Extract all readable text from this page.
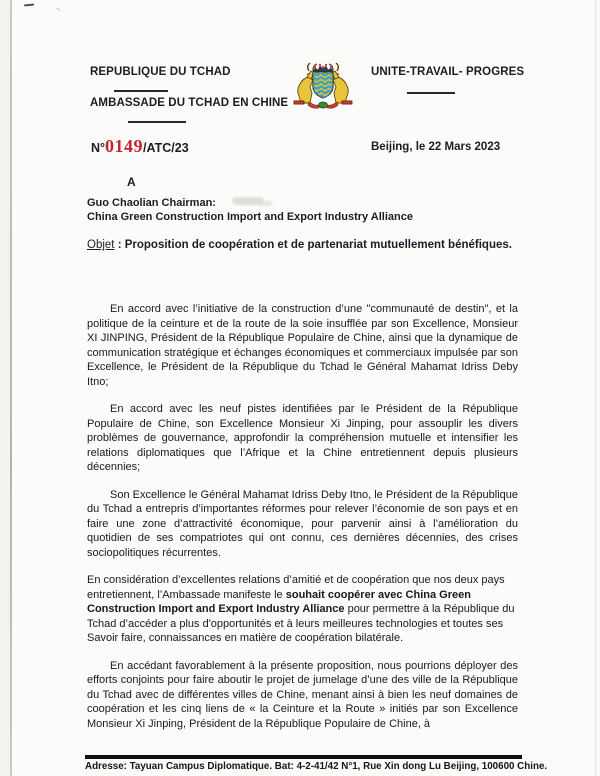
REPUBLIQUE DU TCHAD
AMBASSADE DU TCHAD EN CHINE
UNITE-TRAVAIL- PROGRES
N°0149/ATC/23	Beijing, le 22 Mars 2023
A
Guo Chaolian Chairman:
China Green Construction Import and Export Industry Alliance
Objet : Proposition de coopération et de partenariat mutuellement bénéfiques.

En accord avec l’initiative de la construction d’une "communauté de destin", et la politique de la ceinture et de la route de la soie insufflée par son Excellence, Monsieur XI JINPING, Président de la République Populaire de Chine, ainsi que la dynamique de communication stratégique et échanges économiques et commerciaux impulsée par son Excellence, le Président de la République du Tchad le Général Mahamat Idriss Deby Itno;

En accord avec les neuf pistes identifiées par le Président de la République Populaire de Chine, son Excellence Monsieur Xi Jinping, pour assouplir les divers problèmes de gouvernance, approfondir la compréhension mutuelle et intensifier les relations diplomatiques que l’Afrique et la Chine entretiennent depuis plusieurs décennies;

Son Excellence le Général Mahamat Idriss Deby Itno, le Président de la République du Tchad a entrepris d’importantes réformes pour relever l’économie de son pays et en faire une zone d’attractivité économique, pour parvenir ainsi à l’amélioration du quotidien de ses compatriotes qui ont connu, ces dernières décennies, des crises sociopolitiques récurrentes.

En considération d’excellentes relations d’amitié et de coopération que nos deux pays entretiennent, l’Ambassade manifeste le souhait coopérer avec China Green Construction Import and Export Industry Alliance pour permettre à la République du Tchad d’accéder a plus d'opportunités et à leurs meilleures technologies et toutes ses Savoir faire, connaissances en matière de coopération bilatérale.

En accédant favorablement à la présente proposition, nous pourrions déployer des efforts conjoints pour faire aboutir le projet de jumelage d’une des ville de la République du Tchad avec de différentes villes de Chine, menant ainsi à bien les neuf domaines de coopération et les cinq liens de « la Ceinture et la Route » initiés par son Excellence Monsieur Xi Jinping, Président de la République Populaire de Chine, à

Adresse: Tayuan Campus Diplomatique. Bat: 4-2-41/42 N°1, Rue Xin dong Lu Beijing, 100600 Chine.
